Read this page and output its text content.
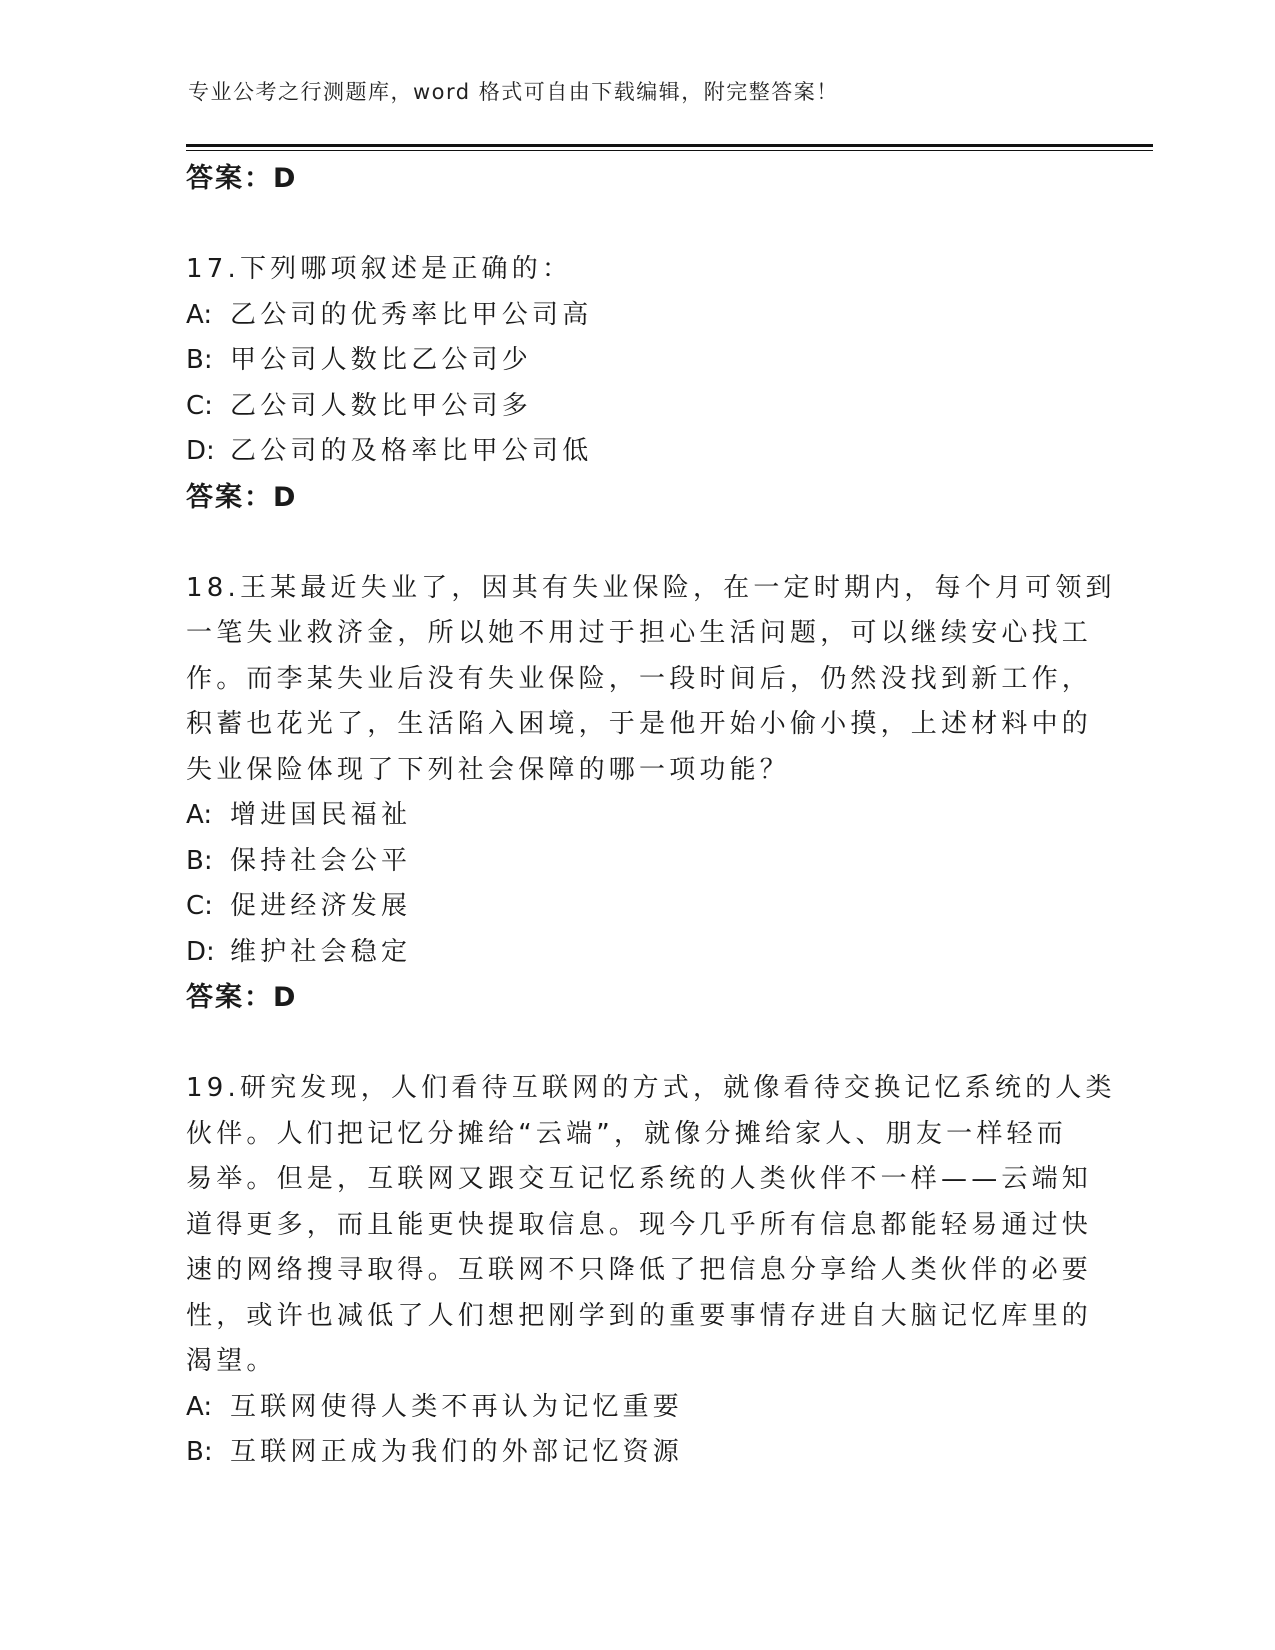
专业公考之行测题库，word 格式可自由下载编辑，附完整答案！
答案：D
17.下列哪项叙述是正确的：
A: 乙公司的优秀率比甲公司高
B: 甲公司人数比乙公司少
C: 乙公司人数比甲公司多
D: 乙公司的及格率比甲公司低
答案：D
18.王某最近失业了，因其有失业保险，在一定时期内，每个月可领到
一笔失业救济金，所以她不用过于担心生活问题，可以继续安心找工
作。而李某失业后没有失业保险，一段时间后，仍然没找到新工作，
积蓄也花光了，生活陷入困境，于是他开始小偷小摸，上述材料中的
失业保险体现了下列社会保障的哪一项功能？
A: 增进国民福祉
B: 保持社会公平
C: 促进经济发展
D: 维护社会稳定
答案：D
19.研究发现，人们看待互联网的方式，就像看待交换记忆系统的人类
伙伴。人们把记忆分摊给“云端”，就像分摊给家人、朋友一样轻而
易举。但是，互联网又跟交互记忆系统的人类伙伴不一样——云端知
道得更多，而且能更快提取信息。现今几乎所有信息都能轻易通过快
速的网络搜寻取得。互联网不只降低了把信息分享给人类伙伴的必要
性，或许也减低了人们想把刚学到的重要事情存进自大脑记忆库里的
渴望。
A: 互联网使得人类不再认为记忆重要
B: 互联网正成为我们的外部记忆资源
